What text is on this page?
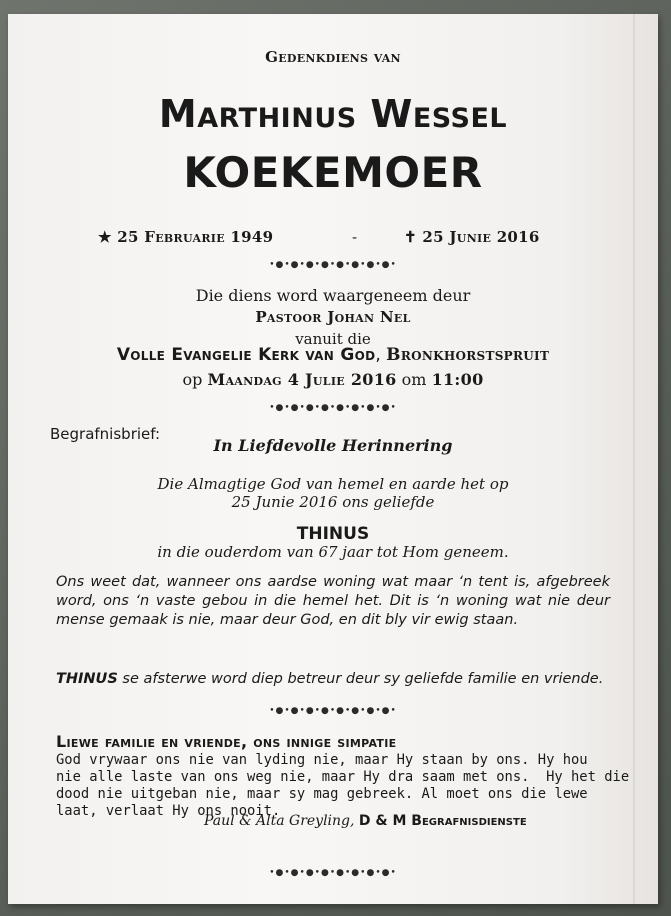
Gedenkdiens van
Marthinus Wessel
KOEKEMOER
★ 25 Februarie 1949	-	✝ 25 Junie 2016
•●•●•●•●•●•●•●•●•
Die diens word waargeneem deur
Pastoor Johan Nel
vanuit die
Volle Evangelie Kerk van God, Bronkhorstspruit
op Maandag 4 Julie 2016 om 11:00
•●•●•●•●•●•●•●•●•
Begrafnisbrief:
In Liefdevolle Herinnering
Die Almagtige God van hemel en aarde het op
25 Junie 2016 ons geliefde
THINUS
in die ouderdom van 67 jaar tot Hom geneem.
Ons weet dat, wanneer ons aardse woning wat maar ‘n tent is, afgebreek word, ons ‘n vaste gebou in die hemel het. Dit is ‘n woning wat nie deur mense gemaak is nie, maar deur God, en dit bly vir ewig staan.
THINUS se afsterwe word diep betreur deur sy geliefde familie en vriende.
•●•●•●•●•●•●•●•●•
Liewe familie en vriende, ons innige simpatie
God vrywaar ons nie van lyding nie, maar Hy staan by ons. Hy hou
nie alle laste van ons weg nie, maar Hy dra saam met ons.  Hy het die
dood nie uitgeban nie, maar sy mag gebreek. Al moet ons die lewe
laat, verlaat Hy ons nooit.
Paul & Alta Greyling, D & M Begrafnisdienste
•●•●•●•●•●•●•●•●•
